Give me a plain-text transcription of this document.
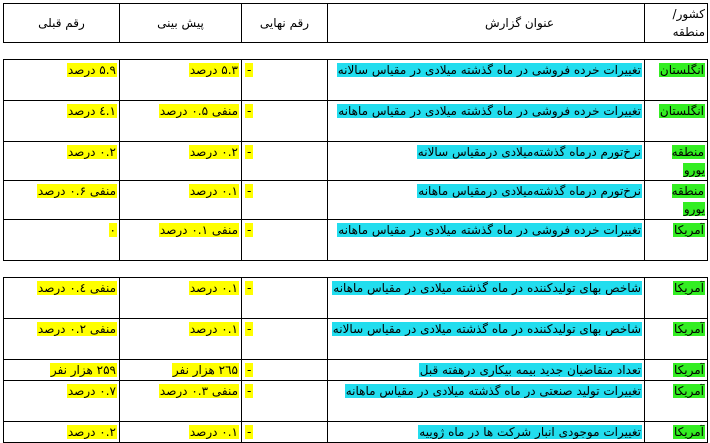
کشور/منطقه	عنوان گزارش	رقم نهایی	پیش بینی	رقم قبلی

انگلستان	تغییرات خرده فروشی در ماه گذشته میلادی در مقیاس سالانه	-	۵.۳ درصد	۵.۹ درصد
انگلستان	تغییرات خرده فروشی در ماه گذشته میلادی در مقیاس ماهانه	-	منفی ۰.۵ درصد	۱.٤ درصد
منطقه یورو	نرخ‌تورم درماه گذشته‌میلادی درمقیاس سالانه	-	۰.۲ درصد	۰.۲ درصد
منطقه یورو	نرخ‌تورم درماه گذشته‌میلادی درمقیاس ماهانه	-	۰.۱ درصد	منفی ۰.۶ درصد
آمریکا	تغییرات خرده فروشی در ماه گذشته میلادی در مقیاس ماهانه	-	منفی ۰.۱ درصد	۰

آمریکا	شاخص بهای تولیدکننده در ماه گذشته میلادی در مقیاس ماهانه	-	۰.۱ درصد	منفی ۰.٤ درصد
آمریکا	شاخص بهای تولیدکننده در ماه گذشته میلادی در مقیاس سالانه	-	۰.۱ درصد	منفی ۰.۲ درصد
آمریکا	تعداد متقاضیان جدید بیمه بیکاری درهفته قبل	-	۲٦۵ هزار نفر	۲۵۹ هزار نفر
آمریکا	تغییرات تولید صنعتی در ماه گذشته میلادی در مقیاس ماهانه	-	منفی ۰.۳ درصد	۰.۷ درصد
آمریکا	تغییرات موجودی انبار شرکت ها در ماه ژوییه	-	۰.۱ درصد	۰.۲ درصد
